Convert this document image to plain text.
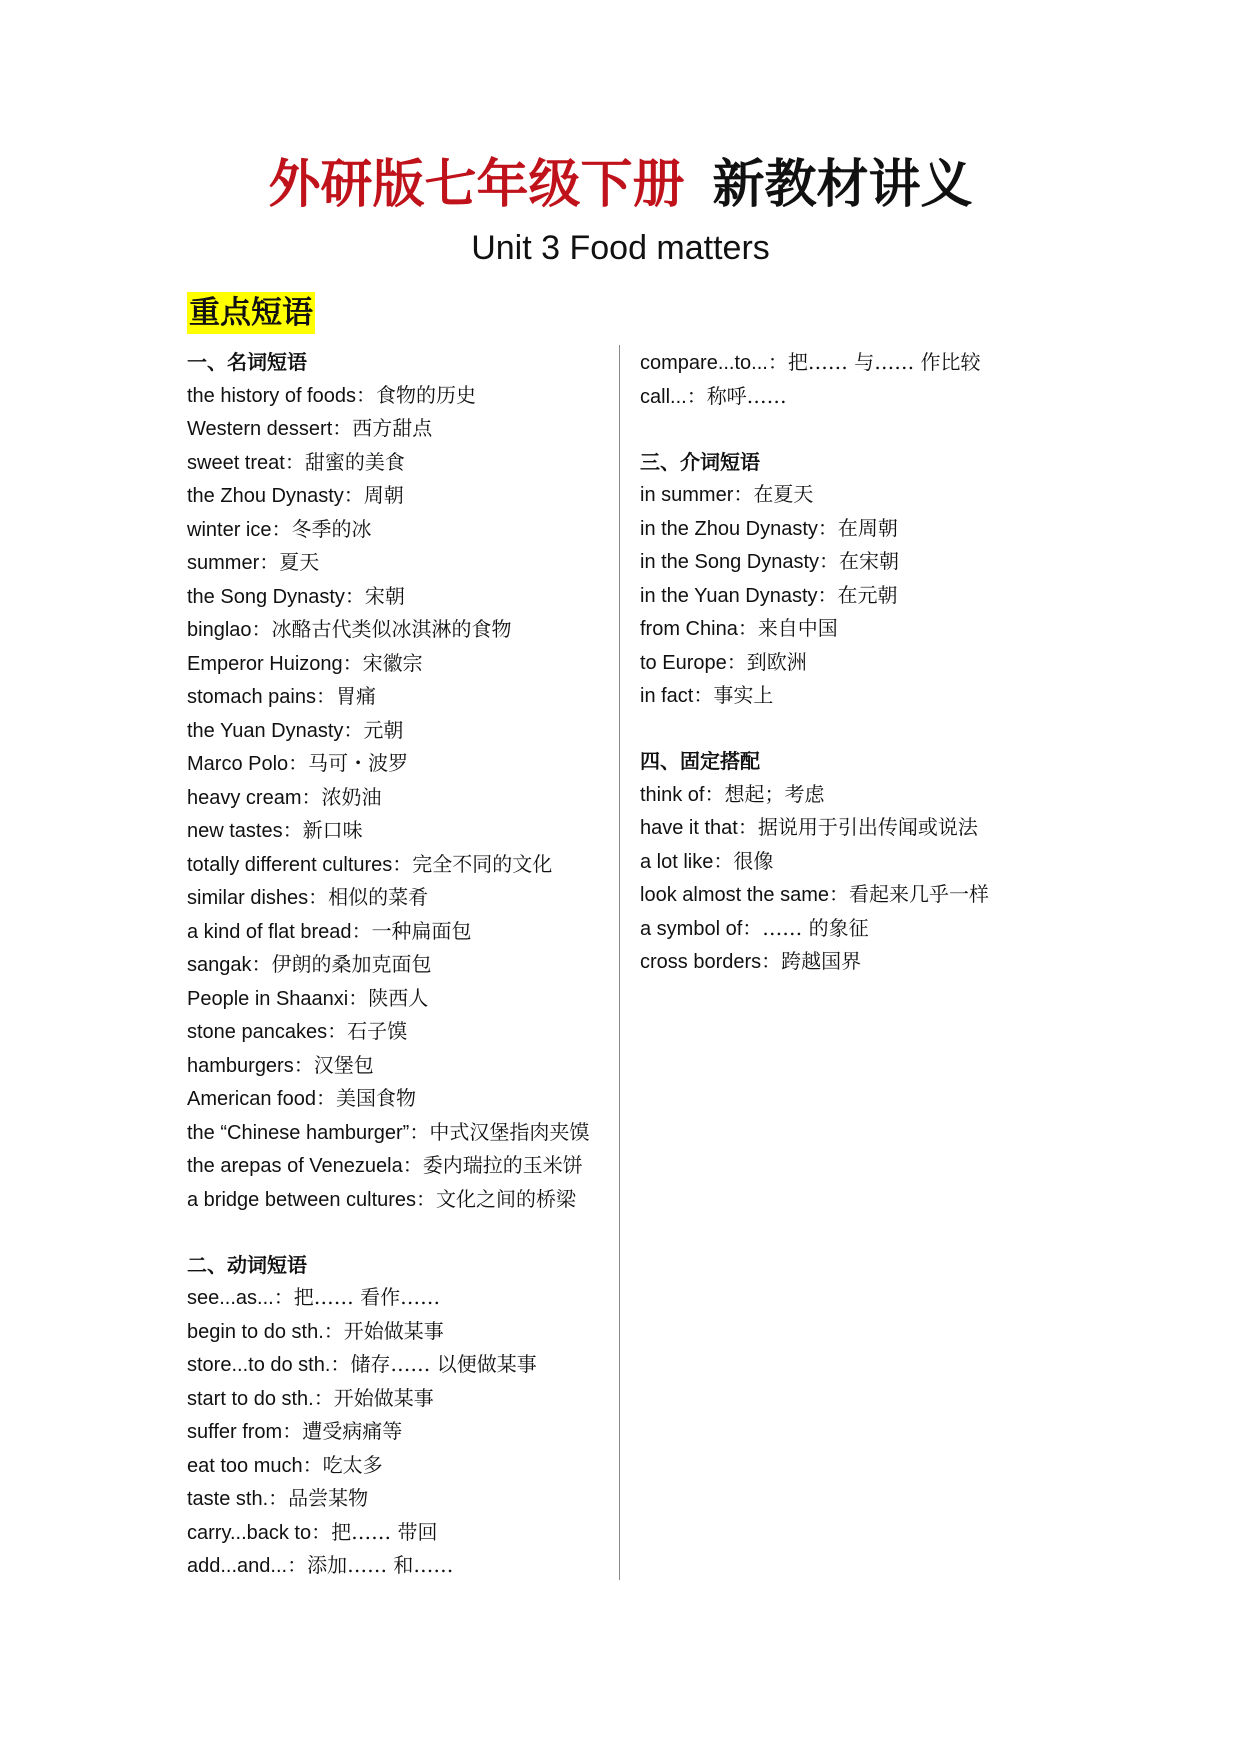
外研版七年级下册 新教材讲义
Unit 3 Food matters
重点短语
一、名词短语
the history of foods：食物的历史
Western dessert：西方甜点
sweet treat：甜蜜的美食
the Zhou Dynasty：周朝
winter ice：冬季的冰
summer：夏天
the Song Dynasty：宋朝
binglao：冰酪古代类似冰淇淋的食物
Emperor Huizong：宋徽宗
stomach pains：胃痛
the Yuan Dynasty：元朝
Marco Polo：马可・波罗
heavy cream：浓奶油
new tastes：新口味
totally different cultures：完全不同的文化
similar dishes：相似的菜肴
a kind of flat bread：一种扁面包
sangak：伊朗的桑加克面包
People in Shaanxi：陕西人
stone pancakes：石子馍
hamburgers：汉堡包
American food：美国食物
the “Chinese hamburger”：中式汉堡指肉夹馍
the arepas of Venezuela：委内瑞拉的玉米饼
a bridge between cultures：文化之间的桥梁
二、动词短语
see...as...：把…… 看作……
begin to do sth.：开始做某事
store...to do sth.：储存…… 以便做某事
start to do sth.：开始做某事
suffer from：遭受病痛等
eat too much：吃太多
taste sth.：品尝某物
carry...back to：把…… 带回
add...and...：添加…… 和……
compare...to...：把…… 与…… 作比较
call...：称呼……
三、介词短语
in summer：在夏天
in the Zhou Dynasty：在周朝
in the Song Dynasty：在宋朝
in the Yuan Dynasty：在元朝
from China：来自中国
to Europe：到欧洲
in fact：事实上
四、固定搭配
think of：想起；考虑
have it that：据说用于引出传闻或说法
a lot like：很像
look almost the same：看起来几乎一样
a symbol of：…… 的象征
cross borders：跨越国界
